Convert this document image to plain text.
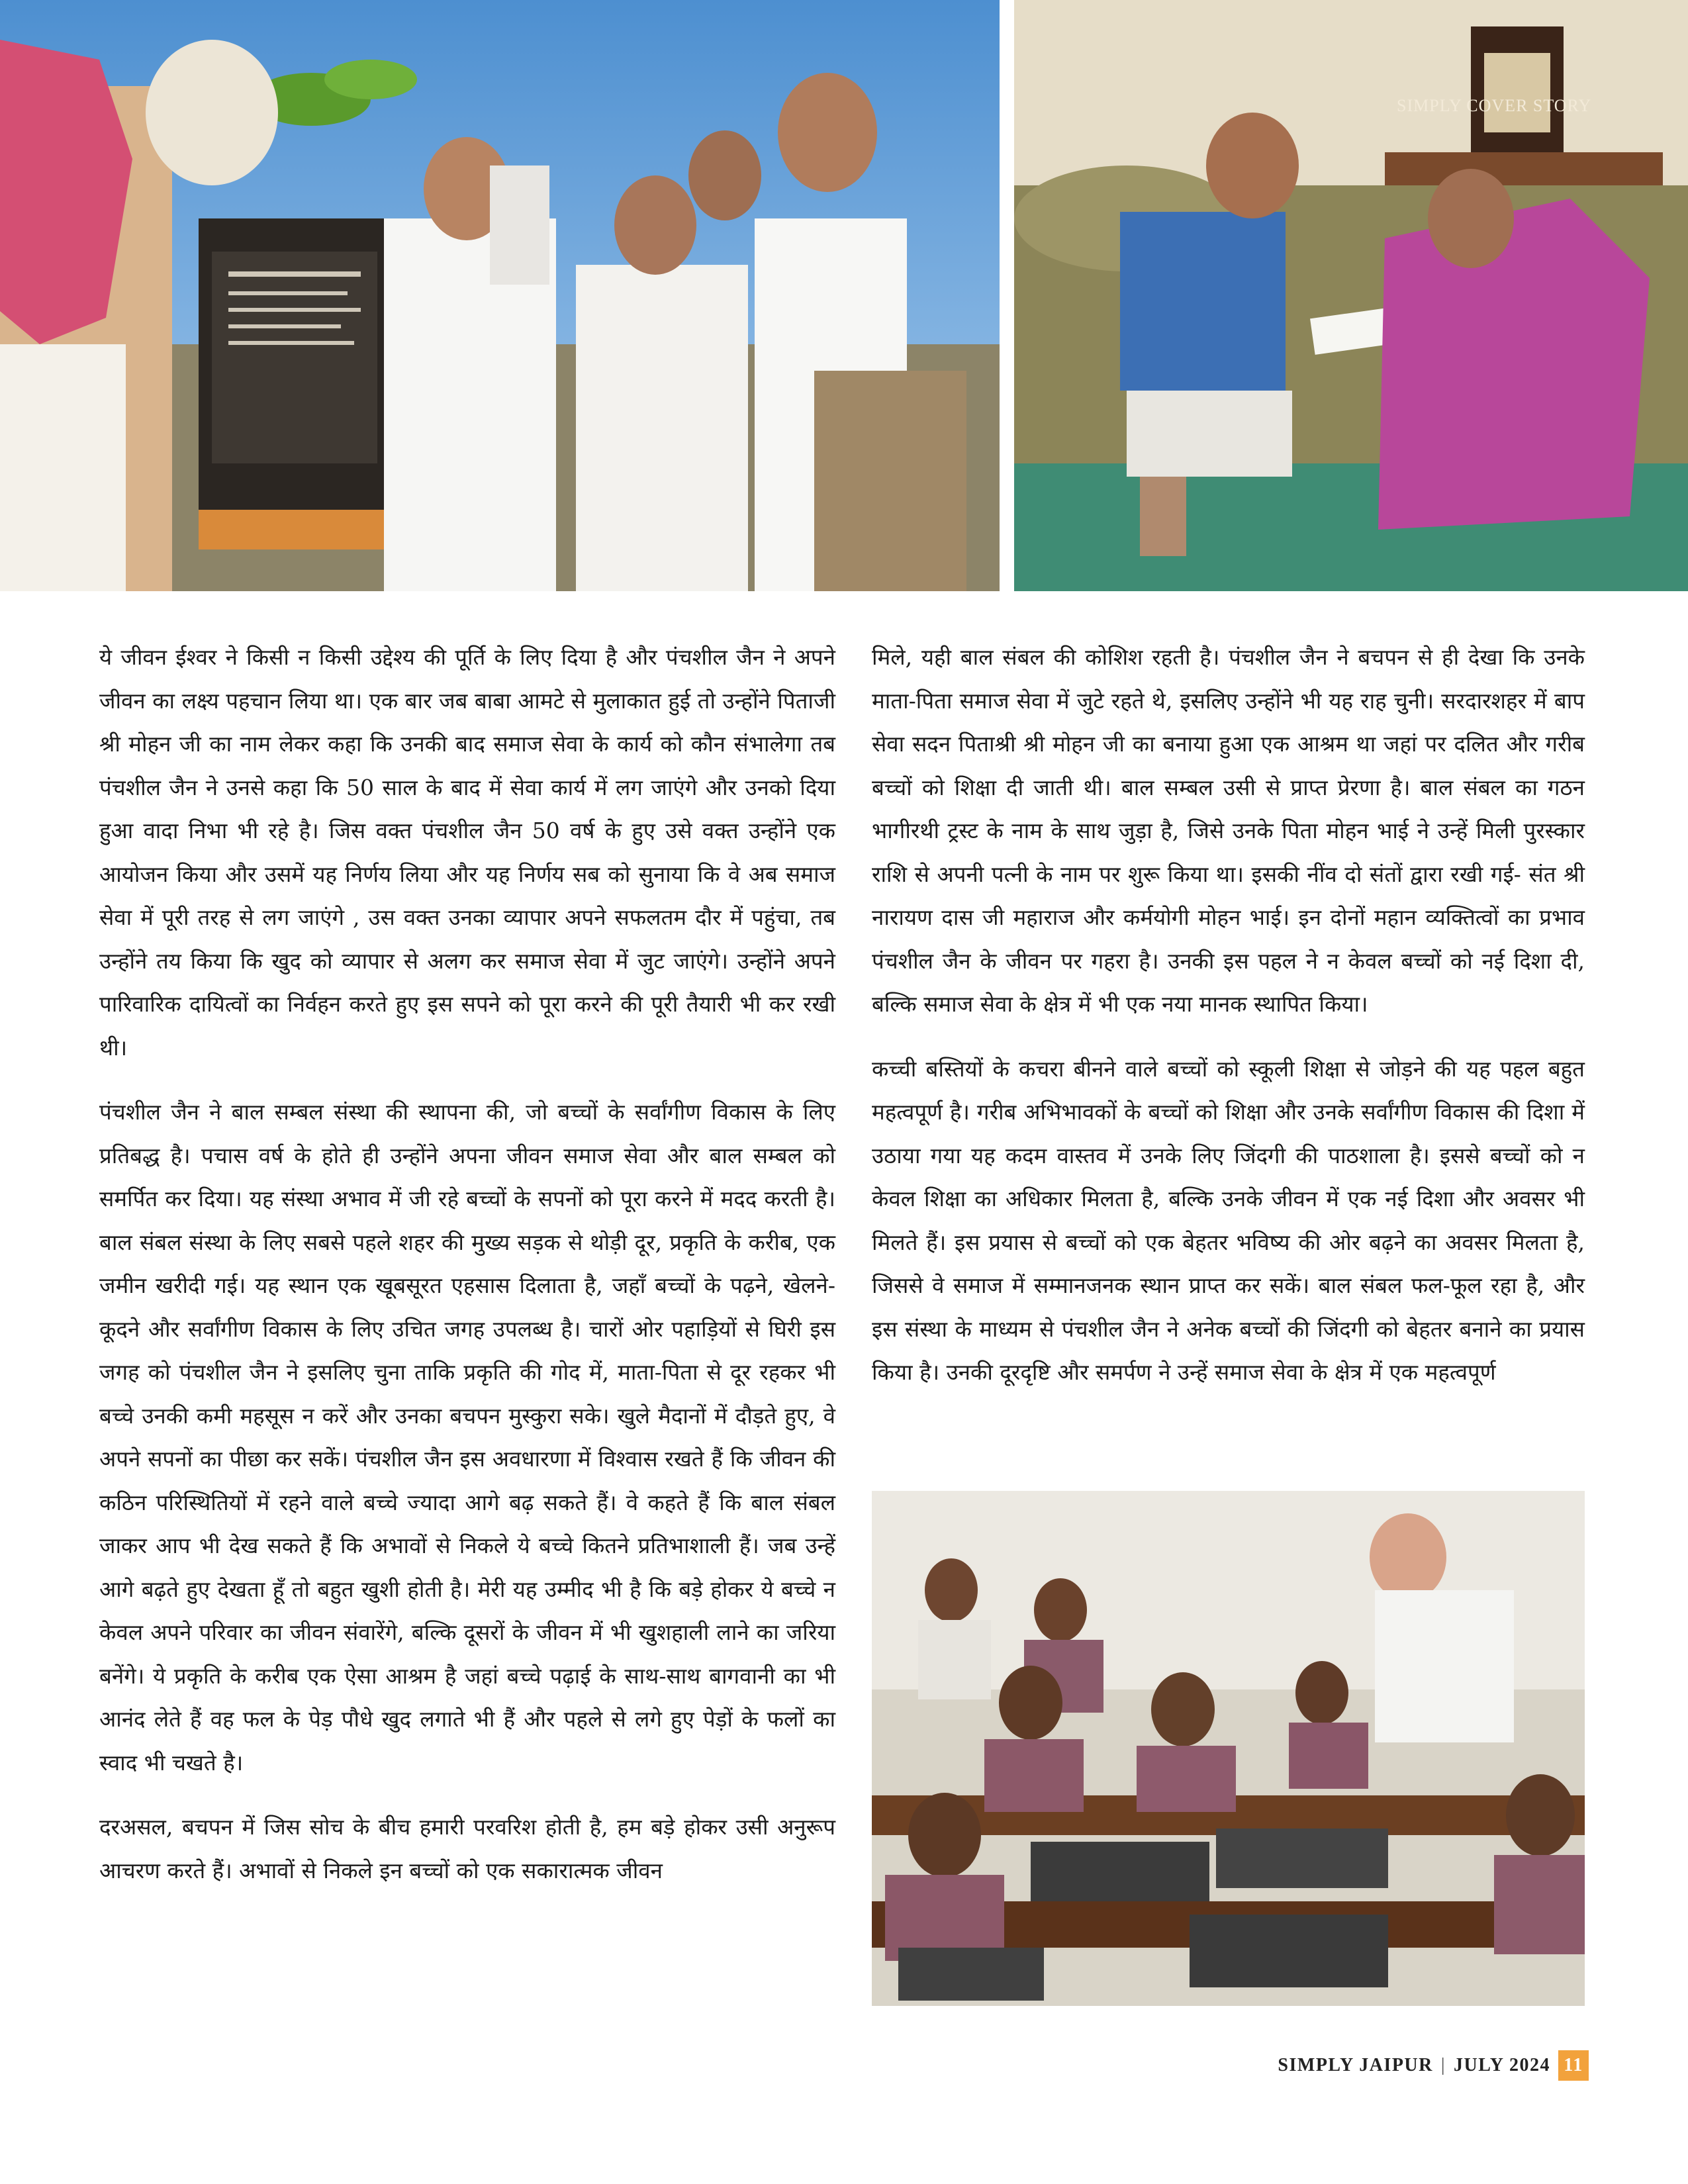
SIMPLY COVER STORY

ये जीवन ईश्वर ने किसी न किसी उद्देश्य की पूर्ति के लिए दिया है और पंचशील जैन ने अपने जीवन का लक्ष्य पहचान लिया था। एक बार जब बाबा आमटे से मुलाकात हुई तो उन्होंने पिताजी श्री मोहन जी का नाम लेकर कहा कि उनकी बाद समाज सेवा के कार्य को कौन संभालेगा तब पंचशील जैन ने उनसे कहा कि 50 साल के बाद में सेवा कार्य में लग जाएंगे और उनको दिया हुआ वादा निभा भी रहे है। जिस वक्त पंचशील जैन 50 वर्ष के हुए उसे वक्त उन्होंने एक आयोजन किया और उसमें यह निर्णय लिया और यह निर्णय सब को सुनाया कि वे अब समाज सेवा में पूरी तरह से लग जाएंगे , उस वक्त उनका व्यापार अपने सफलतम दौर में पहुंचा, तब उन्होंने तय किया कि खुद को व्यापार से अलग कर समाज सेवा में जुट जाएंगे। उन्होंने अपने पारिवारिक दायित्वों का निर्वहन करते हुए इस सपने को पूरा करने की पूरी तैयारी भी कर रखी थी।

पंचशील जैन ने बाल सम्बल संस्था की स्थापना की, जो बच्चों के सर्वांगीण विकास के लिए प्रतिबद्ध है। पचास वर्ष के होते ही उन्होंने अपना जीवन समाज सेवा और बाल सम्बल को समर्पित कर दिया। यह संस्था अभाव में जी रहे बच्चों के सपनों को पूरा करने में मदद करती है। बाल संबल संस्था के लिए सबसे पहले शहर की मुख्य सड़क से थोड़ी दूर, प्रकृति के करीब, एक जमीन खरीदी गई। यह स्थान एक खूबसूरत एहसास दिलाता है, जहाँ बच्चों के पढ़ने, खेलने-कूदने और सर्वांगीण विकास के लिए उचित जगह उपलब्ध है। चारों ओर पहाड़ियों से घिरी इस जगह को पंचशील जैन ने इसलिए चुना ताकि प्रकृति की गोद में, माता-पिता से दूर रहकर भी बच्चे उनकी कमी महसूस न करें और उनका बचपन मुस्कुरा सके। खुले मैदानों में दौड़ते हुए, वे अपने सपनों का पीछा कर सकें। पंचशील जैन इस अवधारणा में विश्वास रखते हैं कि जीवन की कठिन परिस्थितियों में रहने वाले बच्चे ज्यादा आगे बढ़ सकते हैं। वे कहते हैं कि बाल संबल जाकर आप भी देख सकते हैं कि अभावों से निकले ये बच्चे कितने प्रतिभाशाली हैं। जब उन्हें आगे बढ़ते हुए देखता हूँ तो बहुत खुशी होती है। मेरी यह उम्मीद भी है कि बड़े होकर ये बच्चे न केवल अपने परिवार का जीवन संवारेंगे, बल्कि दूसरों के जीवन में भी खुशहाली लाने का जरिया बनेंगे। ये प्रकृति के करीब एक ऐसा आश्रम है जहां बच्चे पढ़ाई के साथ-साथ बागवानी का भी आनंद लेते हैं वह फल के पेड़ पौधे खुद लगाते भी हैं और पहले से लगे हुए पेड़ों के फलों का स्वाद भी चखते है।

दरअसल, बचपन में जिस सोच के बीच हमारी परवरिश होती है, हम बड़े होकर उसी अनुरूप आचरण करते हैं। अभावों से निकले इन बच्चों को एक सकारात्मक जीवन

मिले, यही बाल संबल की कोशिश रहती है। पंचशील जैन ने बचपन से ही देखा कि उनके माता-पिता समाज सेवा में जुटे रहते थे, इसलिए उन्होंने भी यह राह चुनी। सरदारशहर में बाप सेवा सदन पिताश्री श्री मोहन जी का बनाया हुआ एक आश्रम था जहां पर दलित और गरीब बच्चों को शिक्षा दी जाती थी। बाल सम्बल उसी से प्राप्त प्रेरणा है। बाल संबल का गठन भागीरथी ट्रस्ट के नाम के साथ जुड़ा है, जिसे उनके पिता मोहन भाई ने उन्हें मिली पुरस्कार राशि से अपनी पत्नी के नाम पर शुरू किया था। इसकी नींव दो संतों द्वारा रखी गई- संत श्री नारायण दास जी महाराज और कर्मयोगी मोहन भाई। इन दोनों महान व्यक्तित्वों का प्रभाव पंचशील जैन के जीवन पर गहरा है। उनकी इस पहल ने न केवल बच्चों को नई दिशा दी, बल्कि समाज सेवा के क्षेत्र में भी एक नया मानक स्थापित किया।

कच्ची बस्तियों के कचरा बीनने वाले बच्चों को स्कूली शिक्षा से जोड़ने की यह पहल बहुत महत्वपूर्ण है। गरीब अभिभावकों के बच्चों को शिक्षा और उनके सर्वांगीण विकास की दिशा में उठाया गया यह कदम वास्तव में उनके लिए जिंदगी की पाठशाला है। इससे बच्चों को न केवल शिक्षा का अधिकार मिलता है, बल्कि उनके जीवन में एक नई दिशा और अवसर भी मिलते हैं। इस प्रयास से बच्चों को एक बेहतर भविष्य की ओर बढ़ने का अवसर मिलता है, जिससे वे समाज में सम्मानजनक स्थान प्राप्त कर सकें। बाल संबल फल-फूल रहा है, और इस संस्था के माध्यम से पंचशील जैन ने अनेक बच्चों की जिंदगी को बेहतर बनाने का प्रयास किया है। उनकी दूरदृष्टि और समर्पण ने उन्हें समाज सेवा के क्षेत्र में एक महत्वपूर्ण

SIMPLY JAIPUR | JULY 2024 11
